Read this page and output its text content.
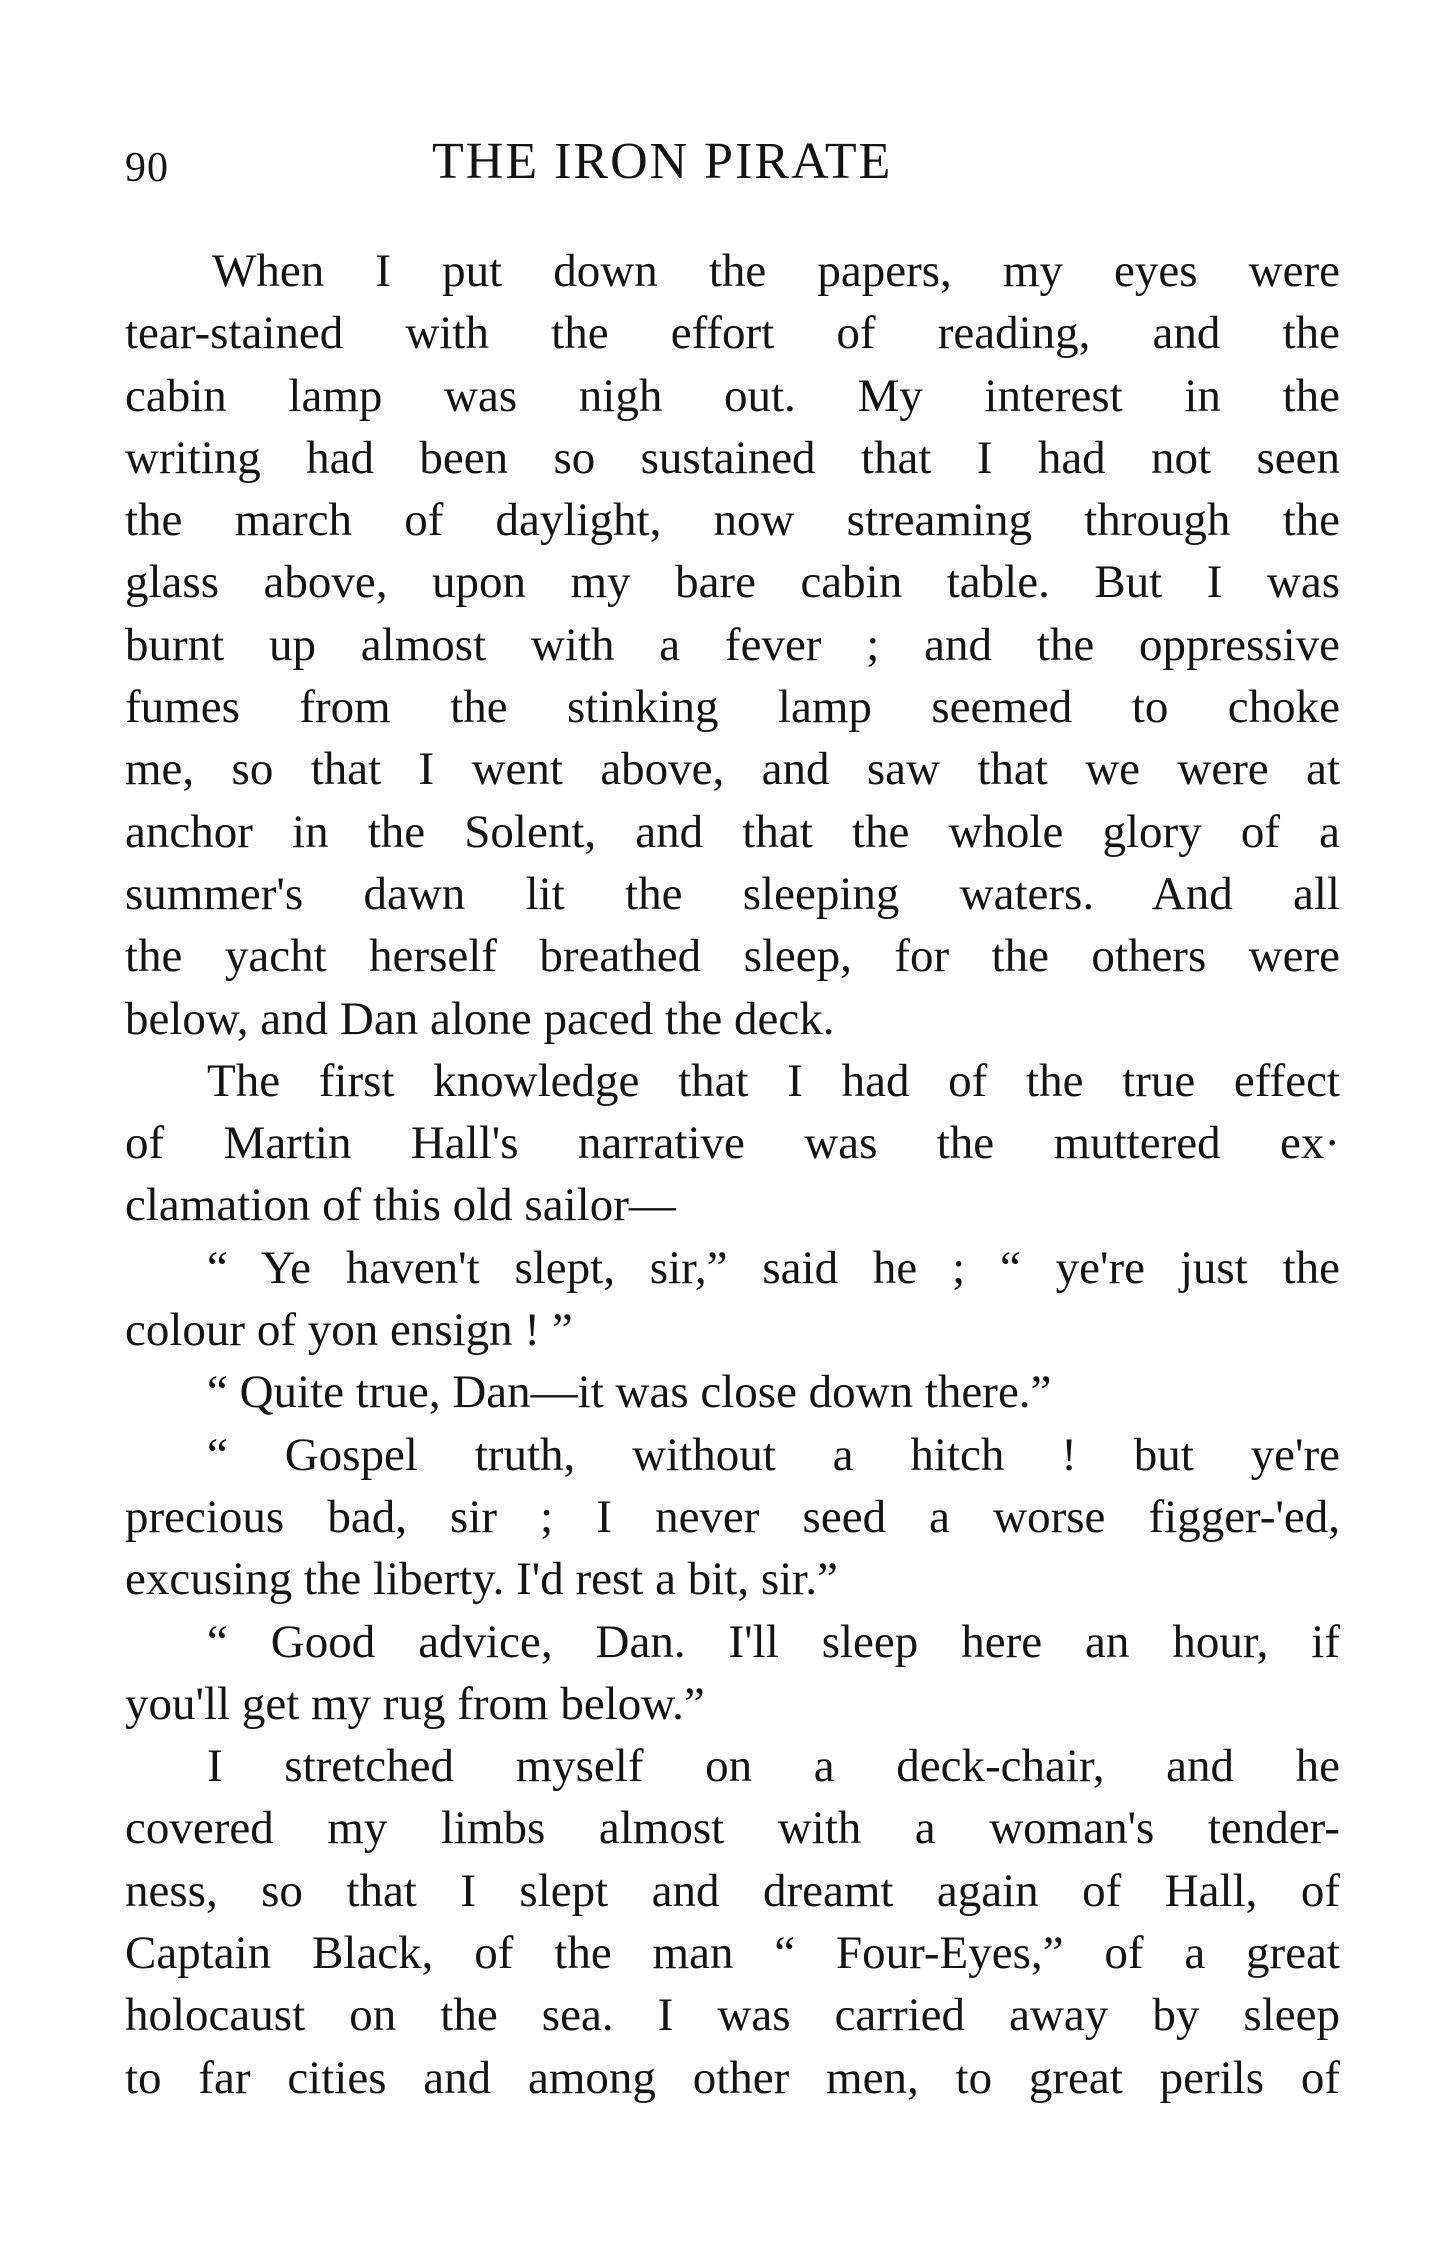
90	THE IRON PIRATE
When I put down the papers, my eyes were
tear-stained with the effort of reading, and the
cabin lamp was nigh out. My interest in the
writing had been so sustained that I had not seen
the march of daylight, now streaming through the
glass above, upon my bare cabin table. But I was
burnt up almost with a fever ; and the oppressive
fumes from the stinking lamp seemed to choke
me, so that I went above, and saw that we were at
anchor in the Solent, and that the whole glory of a
summer's dawn lit the sleeping waters. And all
the yacht herself breathed sleep, for the others were
below, and Dan alone paced the deck.
The first knowledge that I had of the true effect
of Martin Hall's narrative was the muttered ex·
clamation of this old sailor—
“ Ye haven't slept, sir,” said he ; “ ye're just the
colour of yon ensign ! ”
“ Quite true, Dan—it was close down there.”
“ Gospel truth, without a hitch ! but ye're
precious bad, sir ; I never seed a worse figger-'ed,
excusing the liberty. I'd rest a bit, sir.”
“ Good advice, Dan. I'll sleep here an hour, if
you'll get my rug from below.”
I stretched myself on a deck-chair, and he
covered my limbs almost with a woman's tender-
ness, so that I slept and dreamt again of Hall, of
Captain Black, of the man “ Four-Eyes,” of a great
holocaust on the sea. I was carried away by sleep
to far cities and among other men, to great perils of
